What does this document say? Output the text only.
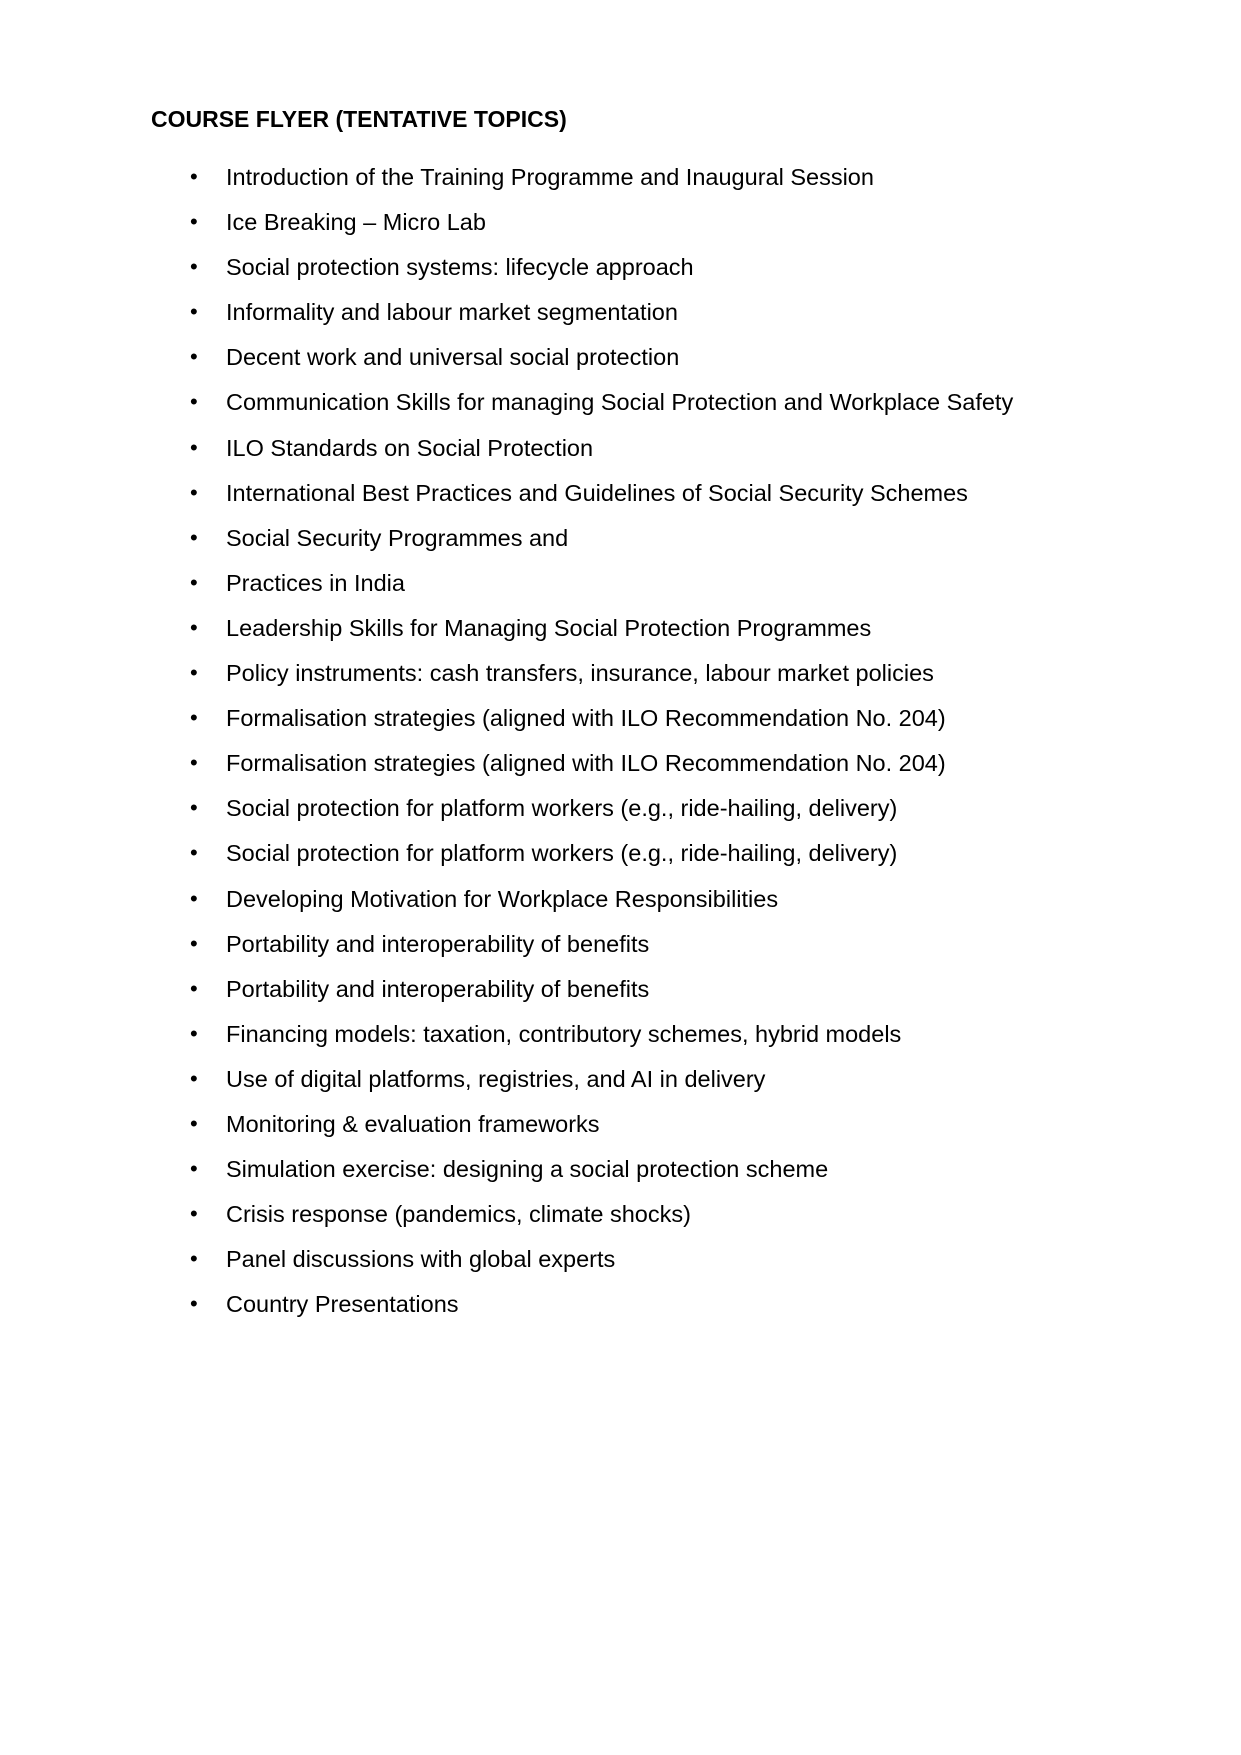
COURSE FLYER (TENTATIVE TOPICS)
•	Introduction of the Training Programme and Inaugural Session
•	Ice Breaking – Micro Lab
•	Social protection systems: lifecycle approach
•	Informality and labour market segmentation
•	Decent work and universal social protection
•	Communication Skills for managing Social Protection and Workplace Safety
•	ILO Standards on Social Protection
•	International Best Practices and Guidelines of Social Security Schemes
•	Social Security Programmes and
•	Practices in India
•	Leadership Skills for Managing Social Protection Programmes
•	Policy instruments: cash transfers, insurance, labour market policies
•	Formalisation strategies (aligned with ILO Recommendation No. 204)
•	Formalisation strategies (aligned with ILO Recommendation No. 204)
•	Social protection for platform workers (e.g., ride-hailing, delivery)
•	Social protection for platform workers (e.g., ride-hailing, delivery)
•	Developing Motivation for Workplace Responsibilities
•	Portability and interoperability of benefits
•	Portability and interoperability of benefits
•	Financing models: taxation, contributory schemes, hybrid models
•	Use of digital platforms, registries, and AI in delivery
•	Monitoring & evaluation frameworks
•	Simulation exercise: designing a social protection scheme
•	Crisis response (pandemics, climate shocks)
•	Panel discussions with global experts
•	Country Presentations
